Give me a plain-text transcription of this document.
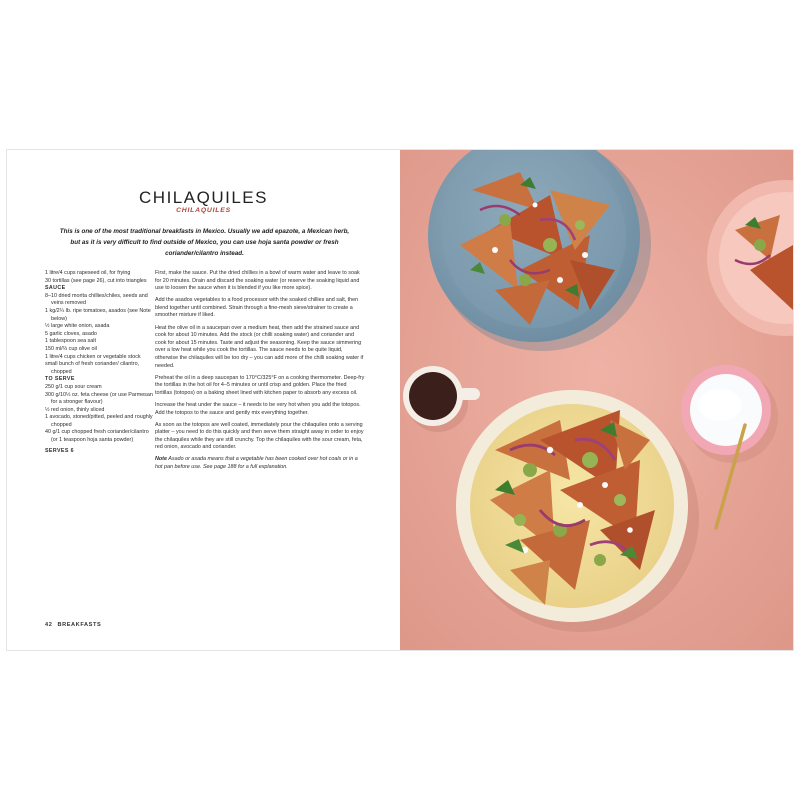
CHILAQUILES
CHILAQUILES
This is one of the most traditional breakfasts in Mexico. Usually we add epazote, a Mexican herb, but as it is very difficult to find outside of Mexico, you can use hoja santa powder or fresh coriander/cilantro instead.

1 litre/4 cups rapeseed oil, for frying

30 tortillas (see page 26), cut into triangles

SAUCE

8–10 dried morita chillies/chiles, seeds and veins removed

1 kg/2¼ lb. ripe tomatoes, asados (see Note below)

½ large white onion, asada

5 garlic cloves, asado

1 tablespoon sea salt

150 ml/⅔ cup olive oil

1 litre/4 cups chicken or vegetable stock

small bunch of fresh coriander/ cilantro, chopped

TO SERVE

250 g/1 cup sour cream

300 g/10½ oz. feta cheese (or use Parmesan for a stronger flavour)

½ red onion, thinly sliced

1 avocado, stoned/pitted, peeled and roughly chopped

40 g/1 cup chopped fresh coriander/cilantro (or 1 teaspoon hoja santa powder)

SERVES 6

First, make the sauce. Put the dried chillies in a bowl of warm water and leave to soak for 20 minutes. Drain and discard the soaking water (or reserve the soaking liquid and use to loosen the sauce when it is blended if you like more spice).

Add the asados vegetables to a food processor with the soaked chillies and salt, then blend together until combined. Strain through a fine-mesh sieve/strainer to create a smoother mixture if liked.

Heat the olive oil in a saucepan over a medium heat, then add the strained sauce and cook for about 10 minutes. Add the stock (or chilli soaking water) and coriander and cook for about 15 minutes. Taste and adjust the seasoning. Keep the sauce simmering over a low heat while you cook the tortillas. The sauce needs to be quite liquid, otherwise the chilaquiles will be too dry – you can add more of the chilli soaking water if needed.

Preheat the oil in a deep saucepan to 170°C/325°F on a cooking thermometer. Deep-fry the tortillas in the hot oil for 4–5 minutes or until crisp and golden. Place the fried tortillas (totopos) on a baking sheet lined with kitchen paper to absorb any excess oil.

Increase the heat under the sauce – it needs to be very hot when you add the totopos. Add the totopos to the sauce and gently mix everything together.

As soon as the totopos are well coated, immediately pour the chilaquiles onto a serving platter – you need to do this quickly and then serve them straight away in order to enjoy the chilaquiles while they are still crunchy. Top the chilaquiles with the sour cream, feta, red onion, avocado and coriander.

Note Asado or asada means that a vegetable has been cooked over hot coals or in a hot pan before use. See page 188 for a full explanation.

42 BREAKFASTS
